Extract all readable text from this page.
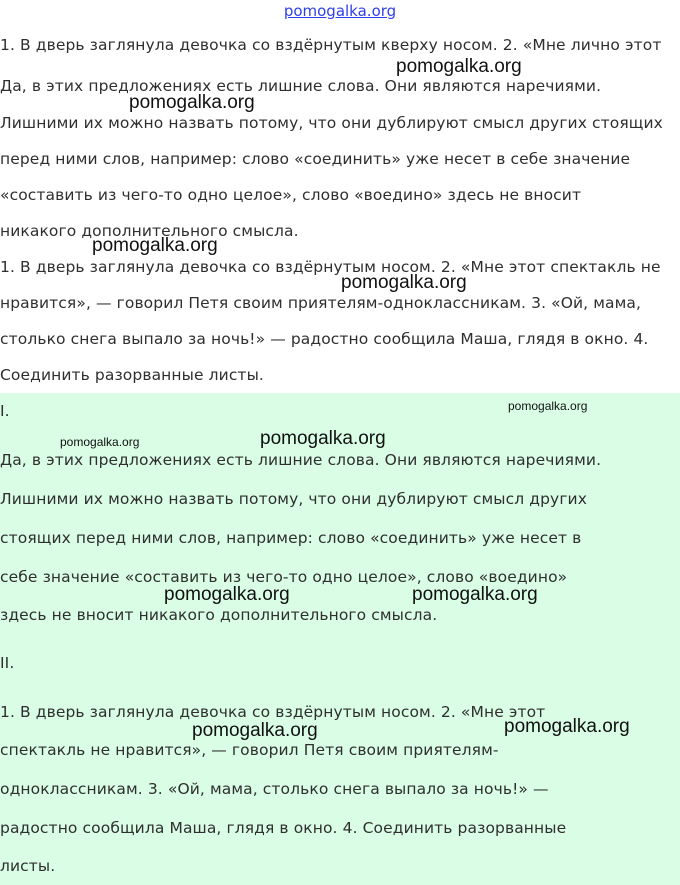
pomogalka.org
1. В дверь заглянула девочка со вздёрнутым кверху носом. 2. «Мне лично этот
Да, в этих предложениях есть лишние слова. Они являются наречиями.
Лишними их можно назвать потому, что они дублируют смысл других стоящих
перед ними слов, например: слово «соединить» уже несет в себе значение
«составить из чего-то одно целое», слово «воедино» здесь не вносит
никакого дополнительного смысла.
1. В дверь заглянула девочка со вздёрнутым носом. 2. «Мне этот спектакль не
нравится», — говорил Петя своим приятелям-одноклассникам. 3. «Ой, мама,
столько снега выпало за ночь!» — радостно сообщила Маша, глядя в окно. 4.
Соединить разорванные листы.
I.
Да, в этих предложениях есть лишние слова. Они являются наречиями.
Лишними их можно назвать потому, что они дублируют смысл других
стоящих перед ними слов, например: слово «соединить» уже несет в
себе значение «составить из чего-то одно целое», слово «воедино»
здесь не вносит никакого дополнительного смысла.
II.
1. В дверь заглянула девочка со вздёрнутым носом. 2. «Мне этот
спектакль не нравится», — говорил Петя своим приятелям-
одноклассникам. 3. «Ой, мама, столько снега выпало за ночь!» —
радостно сообщила Маша, глядя в окно. 4. Соединить разорванные
листы.
pomogalka.org
pomogalka.org
pomogalka.org
pomogalka.org
pomogalka.org
pomogalka.org	pomogalka.org
pomogalka.org	pomogalka.org
pomogalka.org	pomogalka.org
